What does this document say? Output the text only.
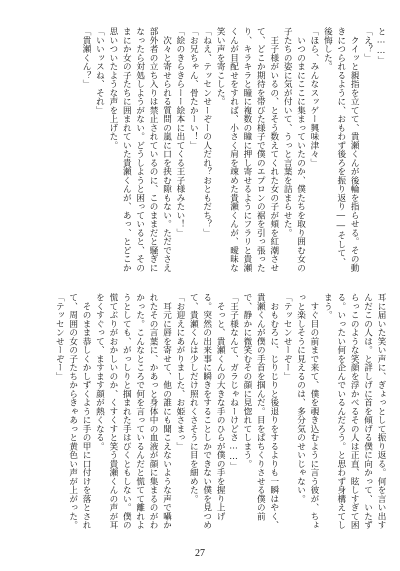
と……」

「え？」

　クイッと親指を立てて、貴瀬くんが後輪を指らせる。その動きにつられるように、おもわず後ろを振り返り――そして、後悔した。

「ほら、みんなスッゲー興味津々」

　いつのまにここに集まっていたのか、僕たちを取り囲む女の子たちの姿に気が付いて、うっと言葉を詰まらせた。

　王子様がいるの、とそう数えてくれた女の子が頬を紅潮させて、どこか期待を帯びた様子で僕のエプロンの裾を引っ張ったり、キラキラと瞳に複数の瞳に押し寄せるようにフラリと貴瀬くんが目配せをすれば、小さく肩を竦めた貴瀬くんが、曖昧な笑い声を寄こした。

「ねえ、テッセンせーぞーの人だれ？おともだち？」

「お兄ちゃん、骨たかーい！」

「絵のきらきらーー絵本に出てくる王子様みたい！」

　次々と寄せられる質問の嵐に口を挟む隙もない。ただでさえ部外者の立ち入りは禁止されているのに、このままだと騒ぎになったら対処しようがない。どうしようと困っていると、その

まにか女の子たちに囲まれていた貴瀬くんが、あっ、とどこか思いついたような声を上げた。

「いいッスね、それ」

「貴瀬くん？」

耳に届いた笑い声に、ぎょっとして振り返る。何を言い出すんだこの人は。と詳しげに首を傾げる僕に向かって、いたずらっこのような笑顔を浮かべるその人は正直、眩しすぎて困る。いったい何を企んでいるんだろう。と思わず身構えてしまう。

　すぐ目の前まで来て、僕を覗き込むように言う彼が、ちょっと楽しそうに見えるのは、多分気のせいじゃない。

「テッセンせーぞー」

　おもむろに、じりじりと後退りをするよりも一瞬はやく、貴瀬くんが僕の手首を掴んだ。目をぱちくりさせる僕の前で、静かに微笑むその顔に見惚れてしまう。

「王子様なんて、ガラじゃねーけどさ……」

　そっと、貴瀬くんの大きな手のひらが僕の手を握り上げる。突然の出来事に瞬きをすることしかできない僕を見つめて、貴瀬くんは少しだけ照れくさそうに目を細めた。

「お迎えにあがりました、お姫さまっ」

　耳元に唇を寄せて、他の誰にも聞こえないような声で囁かれたその言葉に、かあっと身体中の血液が顔に集まるのがわかった。こんなところで何を言っているんだと慌てて離れようとしても、がっしりと掴まれた手はびくともしない。僕の慌てぶりがおかしいのか、くすくすと笑う貴瀬くんの声が耳をくすぐって、ますます顔が熱くなる。

　そのまま恭しくかしずくように手の甲に口付けを落とされて、周囲の女の子たちからきゃあっと黄色い声が上がった。

「テッセンせーぞー」

27
